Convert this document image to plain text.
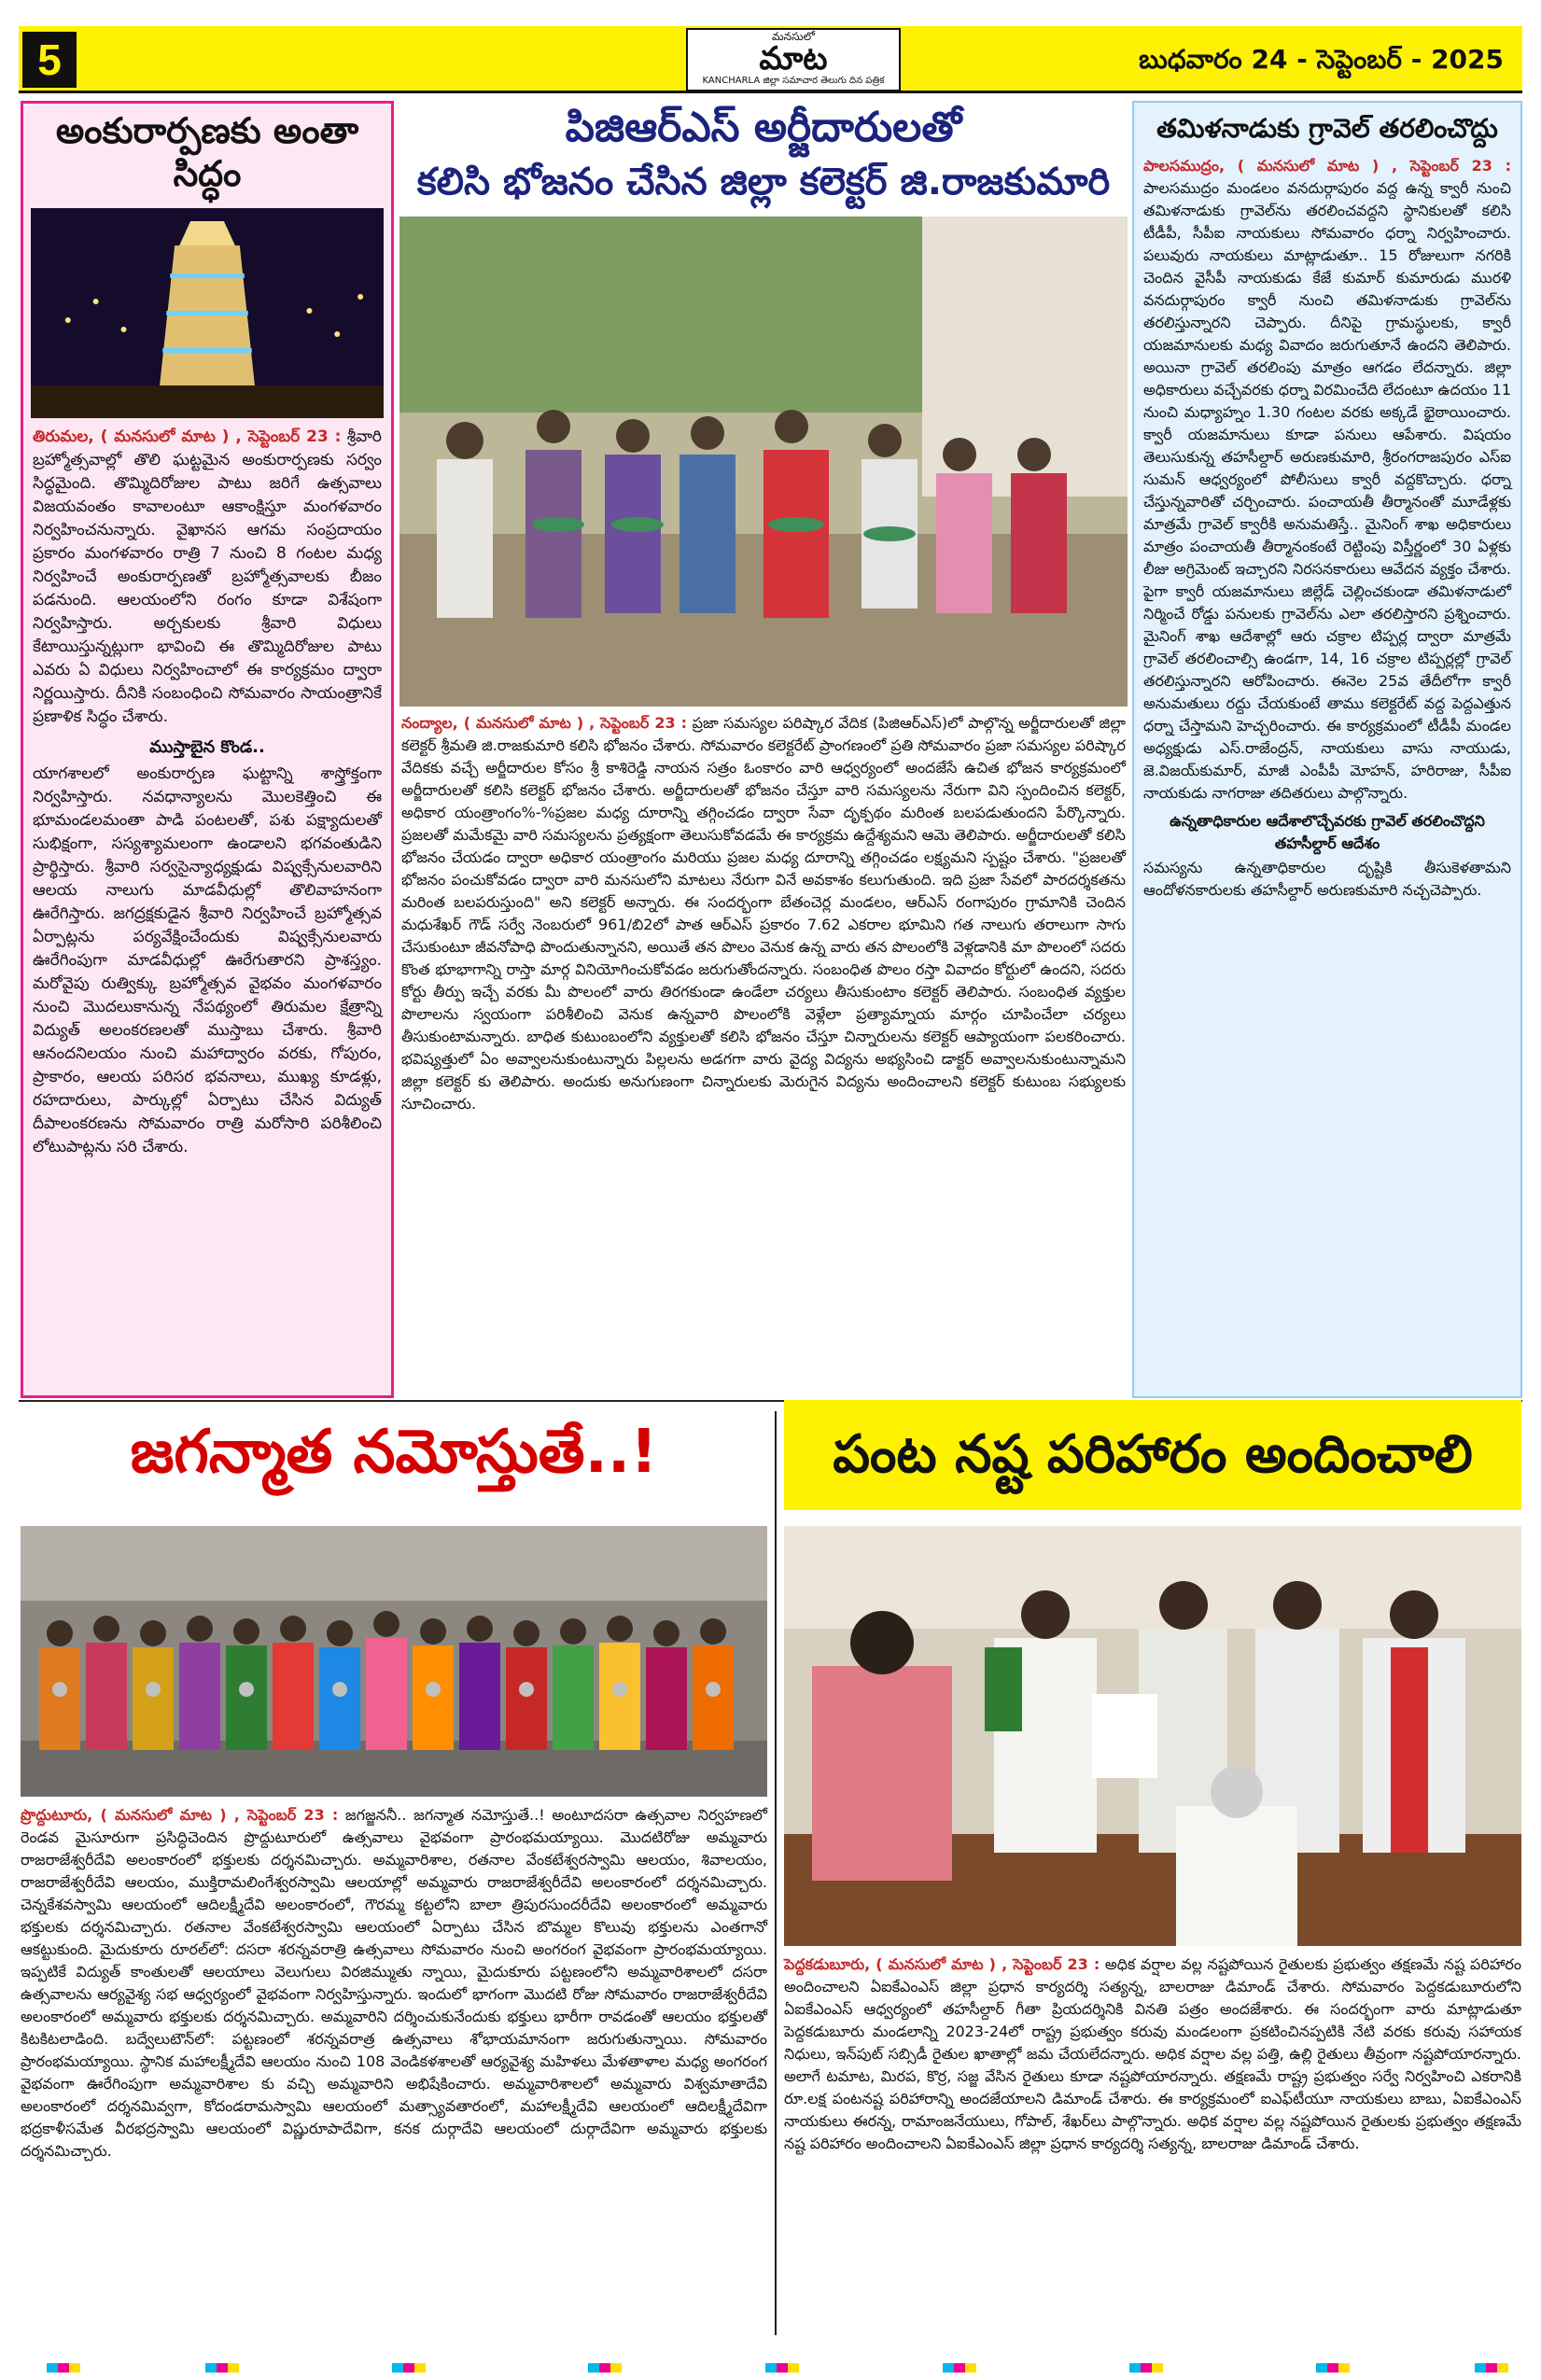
5	మనసులో
మాట
KANCHARLA జిల్లా సమాచార తెలుగు దిన పత్రిక
బుధవారం 24 - సెప్టెంబర్ - 2025
అంకురార్పణకు అంతా సిద్ధం
తిరుమల, ( మనసులో మాట ) , సెప్టెంబర్ 23 : శ్రీవారి బ్రహ్మోత్సవాల్లో తొలి ఘట్టమైన అంకురార్పణకు సర్వం సిద్ధమైంది. తొమ్మిదిరోజుల పాటు జరిగే ఉత్సవాలు విజయవంతం కావాలంటూ ఆకాంక్షిస్తూ మంగళవారం నిర్వహించనున్నారు. వైఖానస ఆగమ సంప్రదాయం ప్రకారం మంగళవారం రాత్రి 7 నుంచి 8 గంటల మధ్య నిర్వహించే అంకురార్పణతో బ్రహ్మోత్సవాలకు బీజం పడనుంది. ఆలయంలోని రంగం కూడా విశేషంగా నిర్వహిస్తారు. అర్చకులకు శ్రీవారి విధులు కేటాయిస్తున్నట్లుగా భావించి ఈ తొమ్మిదిరోజుల పాటు ఎవరు ఏ విధులు నిర్వహించాలో ఈ కార్యక్రమం ద్వారా నిర్ణయిస్తారు. దీనికి సంబంధించి సోమవారం సాయంత్రానికే ప్రణాళిక సిద్ధం చేశారు.
ముస్తాబైన కొండ..
యాగశాలలో అంకురార్పణ ఘట్టాన్ని శాస్త్రోక్తంగా నిర్వహిస్తారు. నవధాన్యాలను మొలకెత్తించి ఈ భూమండలమంతా పాడి పంటలతో, పశు పక్ష్యాదులతో సుభిక్షంగా, సస్యశ్యామలంగా ఉండాలని భగవంతుడిని ప్రార్థిస్తారు. శ్రీవారి సర్వసైన్యాధ్యక్షుడు విష్వక్సేనులవారిని ఆలయ నాలుగు మాడవీధుల్లో తొలివాహనంగా ఊరేగిస్తారు. జగద్రక్షకుడైన శ్రీవారి నిర్వహించే బ్రహ్మోత్సవ ఏర్పాట్లను పర్యవేక్షించేందుకు విష్వక్సేనులవారు ఊరేగింపుగా మాడవీధుల్లో ఊరేగుతారని ప్రాశస్త్యం. మరోవైపు రుత్విక్కు బ్రహ్మోత్సవ వైభవం మంగళవారం నుంచి మొదలుకానున్న నేపథ్యంలో తిరుమల క్షేత్రాన్ని విద్యుత్ అలంకరణలతో ముస్తాబు చేశారు. శ్రీవారి ఆనందనిలయం నుంచి మహాద్వారం వరకు, గోపురం, ప్రాకారం, ఆలయ పరిసర భవనాలు, ముఖ్య కూడళ్లు, రహదారులు, పార్కుల్లో ఏర్పాటు చేసిన విద్యుత్ దీపాలంకరణను సోమవారం రాత్రి మరోసారి పరిశీలించి లోటుపాట్లను సరి చేశారు.
పిజిఆర్ఎస్ అర్జీదారులతో
కలిసి భోజనం చేసిన జిల్లా కలెక్టర్ జి.రాజకుమారి
నంద్యాల, ( మనసులో మాట ) , సెప్టెంబర్ 23 : ప్రజా సమస్యల పరిష్కార వేదిక (పిజిఆర్ఎస్)లో పాల్గొన్న అర్జీదారులతో జిల్లా కలెక్టర్ శ్రీమతి జి.రాజకుమారి కలిసి భోజనం చేశారు. సోమవారం కలెక్టరేట్ ప్రాంగణంలో ప్రతి సోమవారం ప్రజా సమస్యల పరిష్కార వేదికకు వచ్చే అర్జీదారుల కోసం శ్రీ కాశిరెడ్డి నాయన సత్రం ఓంకారం వారి ఆధ్వర్యంలో అందజేసే ఉచిత భోజన కార్యక్రమంలో అర్జీదారులతో కలిసి కలెక్టర్ భోజనం చేశారు. అర్జీదారులతో భోజనం చేస్తూ వారి సమస్యలను నేరుగా విని స్పందించిన కలెక్టర్, అధికార యంత్రాంగం%-%ప్రజల మధ్య దూరాన్ని తగ్గించడం ద్వారా సేవా దృక్పథం మరింత బలపడుతుందని పేర్కొన్నారు. ప్రజలతో మమేకమై వారి సమస్యలను ప్రత్యక్షంగా తెలుసుకోవడమే ఈ కార్యక్రమ ఉద్దేశ్యమని ఆమె తెలిపారు. అర్జీదారులతో కలిసి భోజనం చేయడం ద్వారా అధికార యంత్రాంగం మరియు ప్రజల మధ్య దూరాన్ని తగ్గించడం లక్ష్యమని స్పష్టం చేశారు. "ప్రజలతో భోజనం పంచుకోవడం ద్వారా వారి మనసులోని మాటలు నేరుగా వినే అవకాశం కలుగుతుంది. ఇది ప్రజా సేవలో పారదర్శకతను మరింత బలపరుస్తుంది" అని కలెక్టర్ అన్నారు. ఈ సందర్భంగా బేతంచెర్ల మండలం, ఆర్ఎస్ రంగాపురం గ్రామానికి చెందిన మధుశేఖర్ గౌడ్ సర్వే నెంబరులో 961/బి2లో పాత ఆర్ఎస్ ప్రకారం 7.62 ఎకరాల భూమిని గత నాలుగు తరాలుగా సాగు చేసుకుంటూ జీవనోపాధి పొందుతున్నానని, అయితే తన పొలం వెనుక ఉన్న వారు తన పొలంలోకి వెళ్లడానికి మా పొలంలో సదరు కొంత భూభాగాన్ని రాస్తా మార్గ వినియోగించుకోవడం జరుగుతోందన్నారు. సంబంధిత పొలం రస్తా వివాదం కోర్టులో ఉందని, సదరు కోర్టు తీర్పు ఇచ్చే వరకు మీ పొలంలో వారు తిరగకుండా ఉండేలా చర్యలు తీసుకుంటాం కలెక్టర్ తెలిపారు. సంబంధిత వ్యక్తుల పొలాలను స్వయంగా పరిశీలించి వెనుక ఉన్నవారి పొలంలోకి వెళ్లేలా ప్రత్యామ్నాయ మార్గం చూపించేలా చర్యలు తీసుకుంటామన్నారు. బాధిత కుటుంబంలోని వ్యక్తులతో కలిసి భోజనం చేస్తూ చిన్నారులను కలెక్టర్ ఆప్యాయంగా పలకరించారు. భవిష్యత్తులో ఏం అవ్వాలనుకుంటున్నారు పిల్లలను అడగగా వారు వైద్య విద్యను అభ్యసించి డాక్టర్ అవ్వాలనుకుంటున్నామని జిల్లా కలెక్టర్ కు తెలిపారు. అందుకు అనుగుణంగా చిన్నారులకు మెరుగైన విద్యను అందించాలని కలెక్టర్ కుటుంబ సభ్యులకు సూచించారు.
తమిళనాడుకు గ్రావెల్ తరలించొద్దు
పాలసముద్రం, ( మనసులో మాట ) , సెప్టెంబర్ 23 : పాలసముద్రం మండలం వనదుర్గాపురం వద్ద ఉన్న క్వారీ నుంచి తమిళనాడుకు గ్రావెల్‌ను తరలించవద్దని స్థానికులతో కలిసి టీడీపీ, సీపీఐ నాయకులు సోమవారం ధర్నా నిర్వహించారు. పలువురు నాయకులు మాట్లాడుతూ.. 15 రోజులుగా నగరికి చెందిన వైసీపీ నాయకుడు కేజే కుమార్ కుమారుడు మురళి వనదుర్గాపురం క్వారీ నుంచి తమిళనాడుకు గ్రావెల్‌ను తరలిస్తున్నారని చెప్పారు. దీనిపై గ్రామస్థులకు, క్వారీ యజమానులకు మధ్య వివాదం జరుగుతూనే ఉందని తెలిపారు. అయినా గ్రావెల్ తరలింపు మాత్రం ఆగడం లేదన్నారు. జిల్లా అధికారులు వచ్చేవరకు ధర్నా విరమించేది లేదంటూ ఉదయం 11 నుంచి మధ్యాహ్నం 1.30 గంటల వరకు అక్కడే భైఠాయించారు. క్వారీ యజమానులు కూడా పనులు ఆపేశారు. విషయం తెలుసుకున్న తహసీల్దార్ అరుణకుమారి, శ్రీరంగరాజపురం ఎస్ఐ సుమన్ ఆధ్వర్యంలో పోలీసులు క్వారీ వద్దకొచ్చారు. ధర్నా చేస్తున్నవారితో చర్చించారు. పంచాయతీ తీర్మానంతో మూడేళ్లకు మాత్రమే గ్రావెల్ క్వారీకి అనుమతిస్తే.. మైనింగ్ శాఖ అధికారులు మాత్రం పంచాయతీ తీర్మానంకంటే రెట్టింపు విస్తీర్ణంలో 30 ఏళ్లకు లీజు అగ్రిమెంట్ ఇచ్చారని నిరసనకారులు ఆవేదన వ్యక్తం చేశారు. పైగా క్వారీ యజమానులు జిల్లేడ్ చెల్లించకుండా తమిళనాడులో నిర్మించే రోడ్డు పనులకు గ్రావెల్‌ను ఎలా తరలిస్తారని ప్రశ్నించారు. మైనింగ్ శాఖ ఆదేశాల్లో ఆరు చక్రాల టిప్పర్ల ద్వారా మాత్రమే గ్రావెల్ తరలించాల్సి ఉండగా, 14, 16 చక్రాల టిప్పర్లల్లో గ్రావెల్ తరలిస్తున్నారని ఆరోపించారు. ఈనెల 25వ తేదీలోగా క్వారీ అనుమతులు రద్దు చేయకుంటే తాము కలెక్టరేట్ వద్ద పెద్దఎత్తున ధర్నా చేస్తామని హెచ్చరించారు. ఈ కార్యక్రమంలో టీడీపీ మండల అధ్యక్షుడు ఎస్.రాజేంద్రన్, నాయకులు వాసు నాయుడు, జె.విజయ్‌కుమార్, మాజీ ఎంపీపీ మోహన్, హరిరాజు, సీపీఐ నాయకుడు నాగరాజు తదితరులు పాల్గొన్నారు.
ఉన్నతాధికారుల ఆదేశాలొచ్చేవరకు గ్రావెల్ తరలించొద్దని తహసీల్దార్ ఆదేశం
సమస్యను ఉన్నతాధికారుల దృష్టికి తీసుకెళతామని ఆందోళనకారులకు తహసీల్దార్ అరుణకుమారి నచ్చచెప్పారు.
జగన్మాత నమోస్తుతే..!
ప్రొద్దుటూరు, ( మనసులో మాట ) , సెప్టెంబర్ 23 : జగజ్జననీ.. జగన్మాత నమోస్తుతే..! అంటూదసరా ఉత్సవాల నిర్వహణలో రెండవ మైసూరుగా ప్రసిద్ధిచెందిన ప్రొద్దుటూరులో ఉత్సవాలు వైభవంగా ప్రారంభమయ్యాయి. మొదటిరోజు అమ్మవారు రాజరాజేశ్వరీదేవి అలంకారంలో భక్తులకు దర్శనమిచ్చారు. అమ్మవారిశాల, రతనాల వేంకటేశ్వరస్వామి ఆలయం, శివాలయం, రాజరాజేశ్వరీదేవి ఆలయం, ముక్తిరామలింగేశ్వరస్వామి ఆలయాల్లో అమ్మవారు రాజరాజేశ్వరీదేవి అలంకారంలో దర్శనమిచ్చారు. చెన్నకేశవస్వామి ఆలయంలో ఆదిలక్ష్మీదేవి అలంకారంలో, గౌరమ్మ కట్టలోని బాలా త్రిపురసుందరీదేవి అలంకారంలో అమ్మవారు భక్తులకు దర్శనమిచ్చారు. రతనాల వేంకటేశ్వరస్వామి ఆలయంలో ఏర్పాటు చేసిన బొమ్మల కొలువు భక్తులను ఎంతగానో ఆకట్టుకుంది. మైదుకూరు రూరల్‌లో: దసరా శరన్నవరాత్రి ఉత్సవాలు సోమవారం నుంచి అంగరంగ వైభవంగా ప్రారంభమయ్యాయి. ఇప్పటికే విద్యుత్ కాంతులతో ఆలయాలు వెలుగులు విరజిమ్ముతు న్నాయి, మైదుకూరు పట్టణంలోని అమ్మవారిశాలలో దసరా ఉత్సవాలను ఆర్యవైశ్య సభ ఆధ్వర్యంలో వైభవంగా నిర్వహిస్తున్నారు. ఇందులో భాగంగా మొదటి రోజు సోమవారం రాజరాజేశ్వరీదేవి అలంకారంలో అమ్మవారు భక్తులకు దర్శనమిచ్చారు. అమ్మవారిని దర్శించుకునేందుకు భక్తులు భారీగా రావడంతో ఆలయం భక్తులతో కిటకిటలాడింది. బద్వేలుటౌన్‌లో: పట్టణంలో శరన్నవరాత్ర ఉత్సవాలు శోభాయమానంగా జరుగుతున్నాయి. సోమవారం ప్రారంభమయ్యాయి. స్థానిక మహాలక్ష్మీదేవి ఆలయం నుంచి 108 వెండికళశాలతో ఆర్యవైశ్య మహిళలు మేళతాళాల మధ్య అంగరంగ వైభవంగా ఊరేగింపుగా అమ్మవారిశాల కు వచ్చి అమ్మవారిని అభిషేకించారు. అమ్మవారిశాలలో అమ్మవారు విశ్వమాతాదేవి అలంకారంలో దర్శనమివ్వగా, కోదండరామస్వామి ఆలయంలో మత్స్యావతారంలో, మహాలక్ష్మీదేవి ఆలయంలో ఆదిలక్ష్మీదేవిగా భద్రకాళీసమేత వీరభద్రస్వామి ఆలయంలో విష్ణురూపాదేవిగా, కనక దుర్గాదేవి ఆలయంలో దుర్గాదేవిగా అమ్మవారు భక్తులకు దర్శనమిచ్చారు.
పంట నష్ట పరిహారం అందించాలి
పెద్దకడుబూరు, ( మనసులో మాట ) , సెప్టెంబర్ 23 : అధిక వర్షాల వల్ల నష్టపోయిన రైతులకు ప్రభుత్వం తక్షణమే నష్ట పరిహారం అందించాలని ఏఐకేఎంఎస్ జిల్లా ప్రధాన కార్యదర్శి సత్యన్న, బాలరాజు డిమాండ్ చేశారు. సోమవారం పెద్దకడుబూరులోని ఏఐకేఎంఎస్ ఆధ్వర్యంలో తహసీల్దార్ గీతా ప్రియదర్శినికి వినతి పత్రం అందజేశారు. ఈ సందర్భంగా వారు మాట్లాడుతూ పెద్దకడుబూరు మండలాన్ని 2023-24లో రాష్ట్ర ప్రభుత్వం కరువు మండలంగా ప్రకటించినప్పటికి నేటి వరకు కరువు సహాయక నిధులు, ఇన్‌పుట్ సబ్సిడీ రైతుల ఖాతాల్లో జమ చేయలేదన్నారు. అధిక వర్షాల వల్ల పత్తి, ఉల్లి రైతులు తీవ్రంగా నష్టపోయారన్నారు. అలాగే టమాట, మిరప, కొర్ర, సజ్జ వేసిన రైతులు కూడా నష్టపోయారన్నారు. తక్షణమే రాష్ట్ర ప్రభుత్వం సర్వే నిర్వహించి ఎకరానికి రూ.లక్ష పంటనష్ట పరిహారాన్ని అందజేయాలని డిమాండ్ చేశారు. ఈ కార్యక్రమంలో ఐఎఫ్‌టీయూ నాయకులు బాబు, ఏఐకేఎంఎస్ నాయకులు ఈరన్న, రామాంజనేయులు, గోపాల్, శేఖర్‌లు పాల్గొన్నారు. అధిక వర్షాల వల్ల నష్టపోయిన రైతులకు ప్రభుత్వం తక్షణమే నష్ట పరిహారం అందించాలని ఏఐకేఎంఎస్ జిల్లా ప్రధాన కార్యదర్శి సత్యన్న, బాలరాజు డిమాండ్ చేశారు.
